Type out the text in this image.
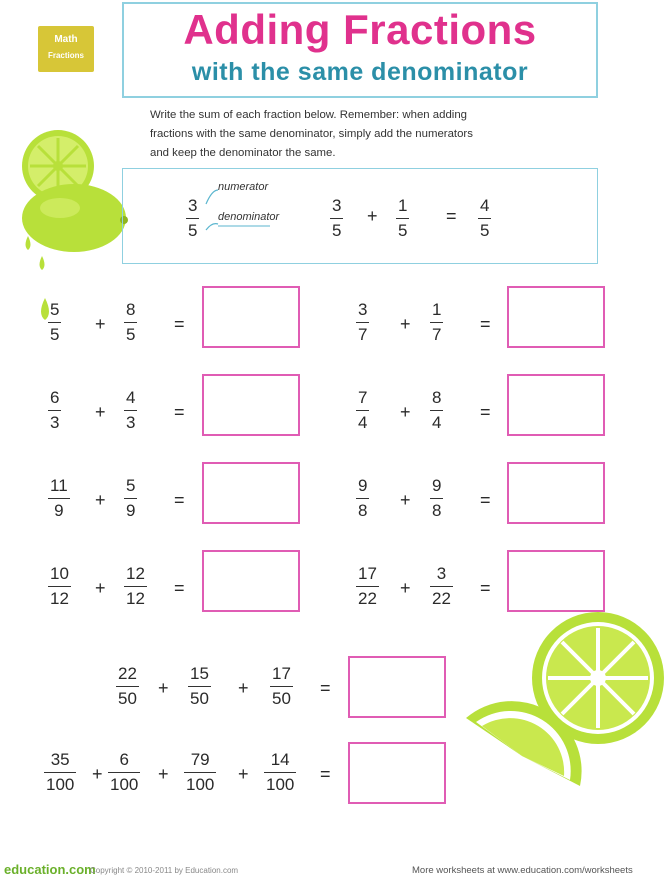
Math
Fractions
Adding Fractions
with the same denominator
Write the sum of each fraction below. Remember: when adding
fractions with the same denominator, simply add the numerators
and keep the denominator the same.
3
5
numerator
denominator
3
5
+
1
5
=
4
5
5
5
+
8
5
=
6
3
+
4
3
=
11
9
+
5
9
=
10
12
+
12
12
=
3
7
+
1
7
=
7
4
+
8
4
=
9
8
+
9
8
=
17
22
+
3
22
=
22
50
+
15
50
+
17
50
=
35
100
+
6
100
+
79
100
+
14
100
=
education.com
Copyright © 2010-2011 by Education.com	More worksheets at www.education.com/worksheets
